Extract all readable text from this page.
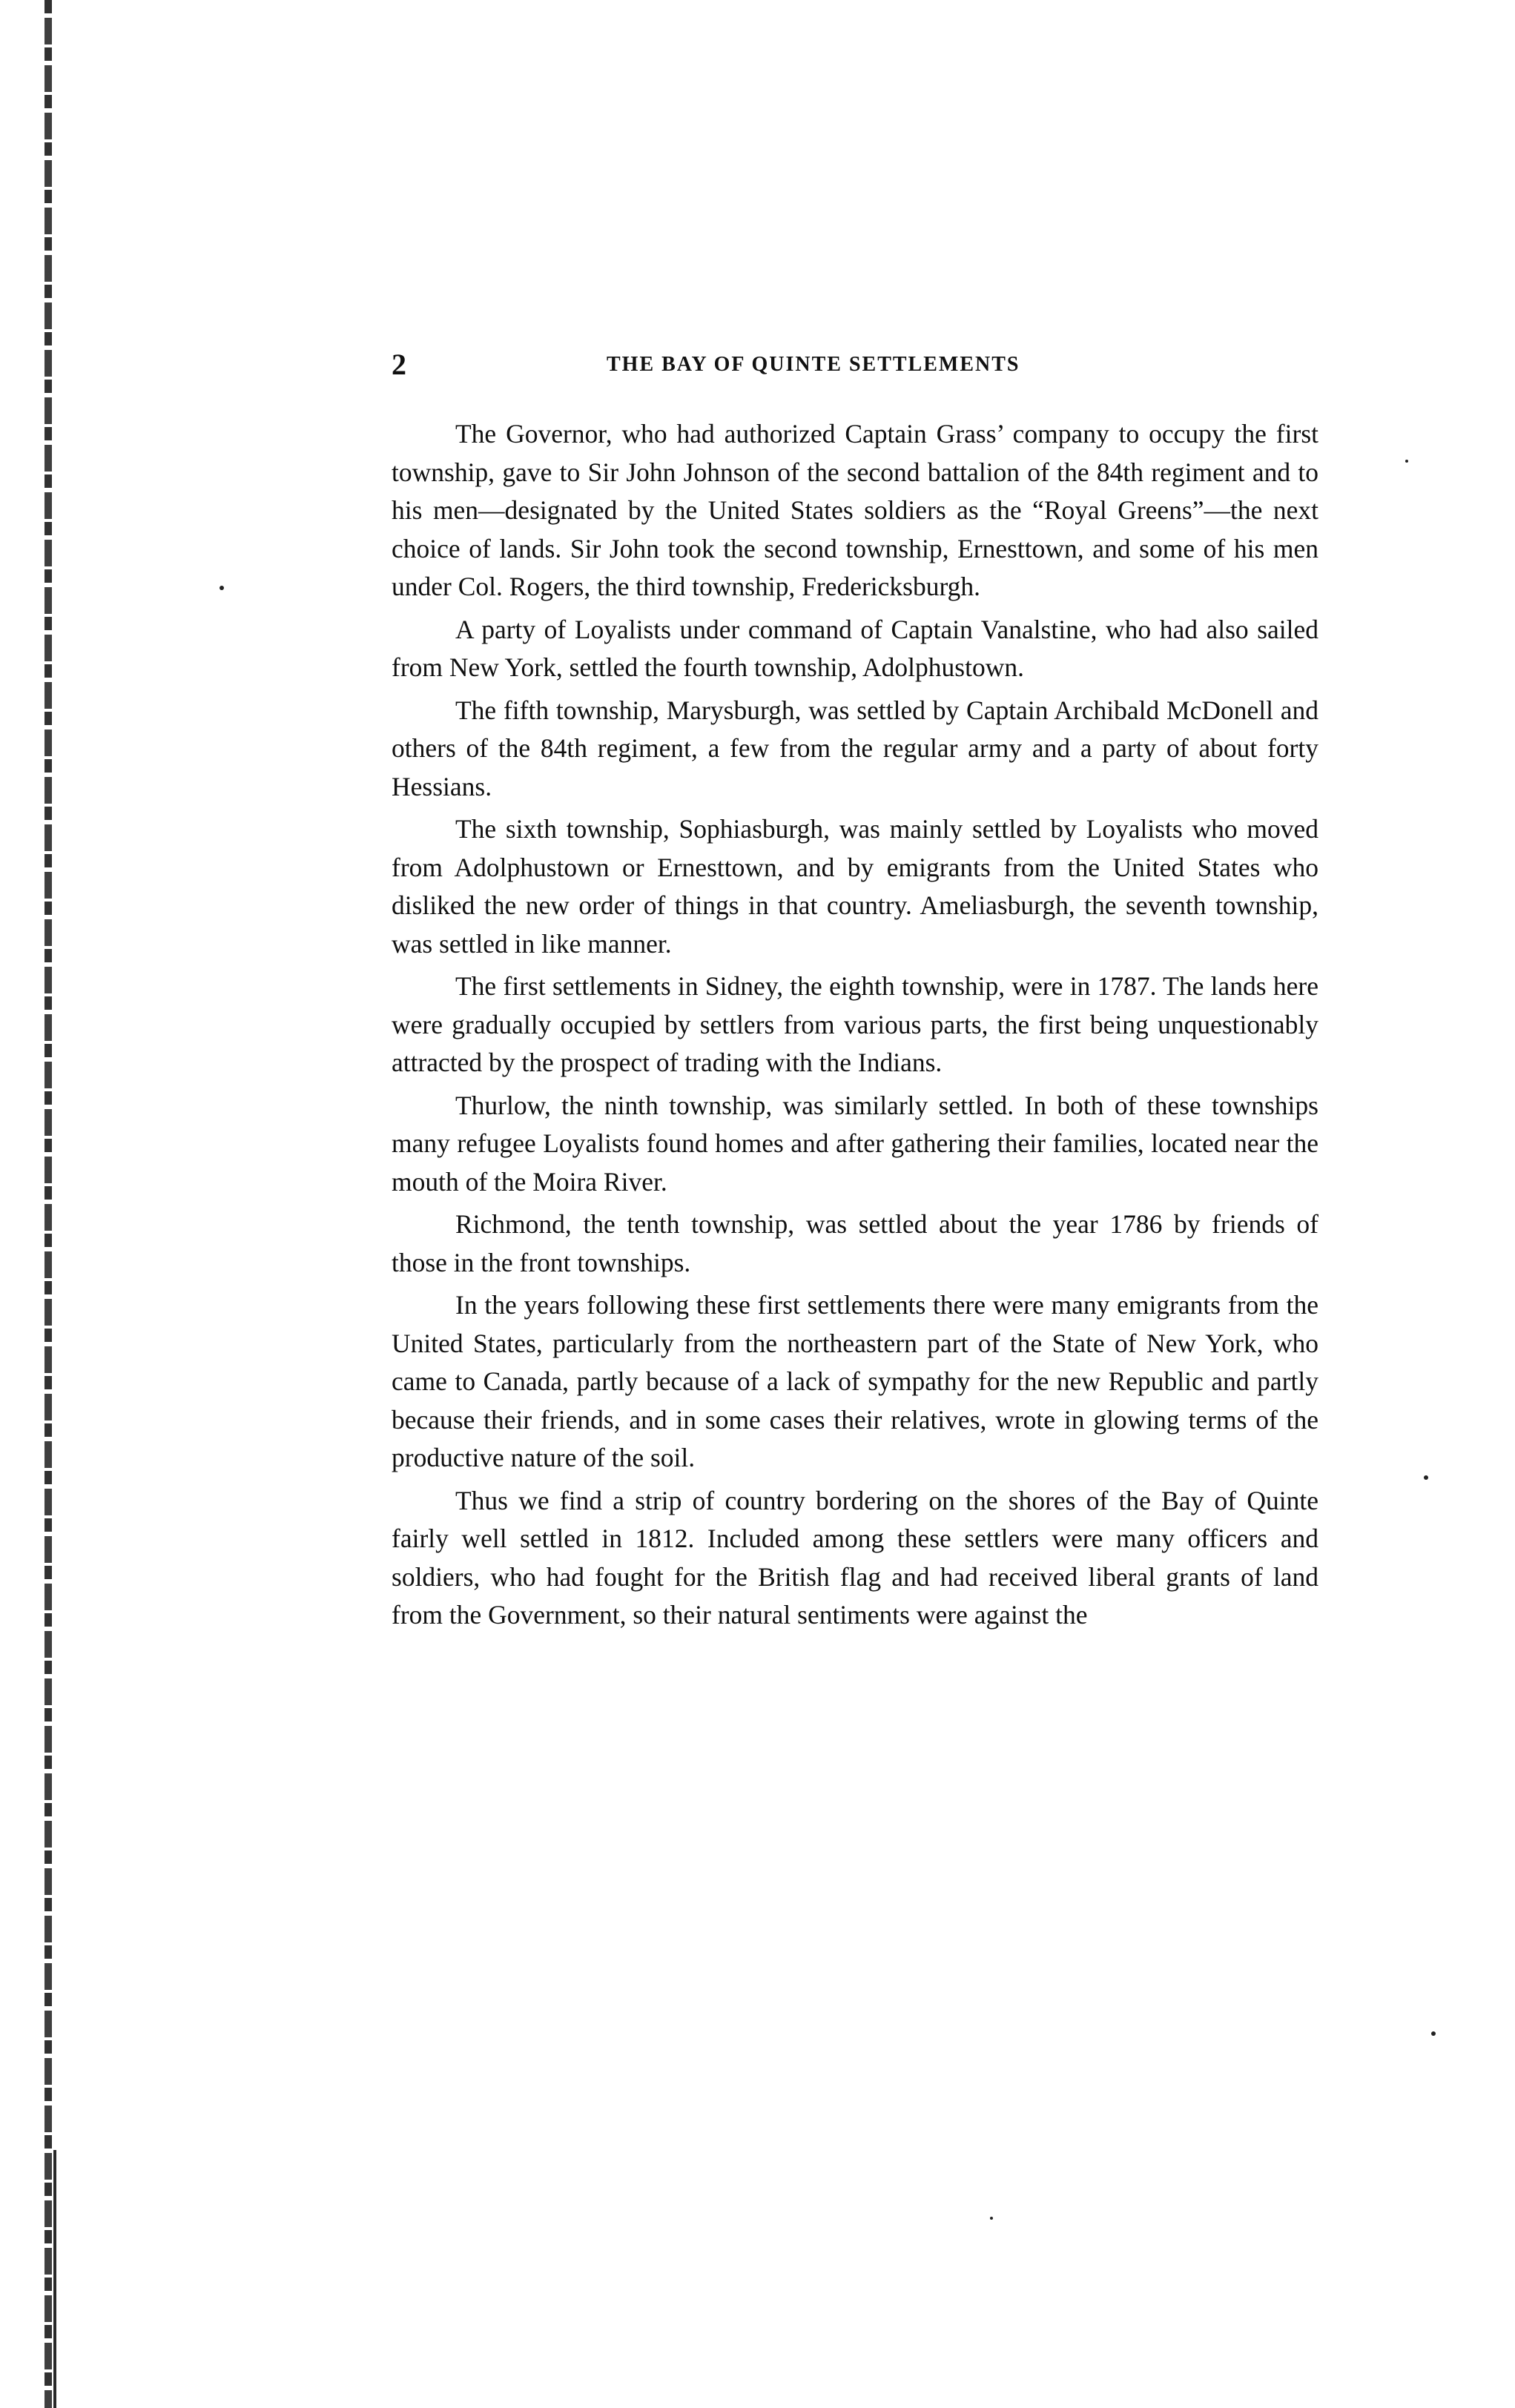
2	THE BAY OF QUINTE SETTLEMENTS

The Governor, who had authorized Captain Grass’ company to occupy the first township, gave to Sir John Johnson of the second battalion of the 84th regiment and to his men—designated by the United States soldiers as the “Royal Greens”—the next choice of lands. Sir John took the second township, Ernesttown, and some of his men under Col. Rogers, the third township, Fredericksburgh.

A party of Loyalists under command of Captain Vanalstine, who had also sailed from New York, settled the fourth township, Adolphustown.

The fifth township, Marysburgh, was settled by Captain Archibald McDonell and others of the 84th regiment, a few from the regular army and a party of about forty Hessians.

The sixth township, Sophiasburgh, was mainly settled by Loyalists who moved from Adolphustown or Ernesttown, and by emigrants from the United States who disliked the new order of things in that country. Ameliasburgh, the seventh township, was settled in like manner.

The first settlements in Sidney, the eighth township, were in 1787. The lands here were gradually occupied by settlers from various parts, the first being unquestionably attracted by the prospect of trading with the Indians.

Thurlow, the ninth township, was similarly settled. In both of these townships many refugee Loyalists found homes and after gathering their families, located near the mouth of the Moira River.

Richmond, the tenth township, was settled about the year 1786 by friends of those in the front townships.

In the years following these first settlements there were many emigrants from the United States, particularly from the northeastern part of the State of New York, who came to Canada, partly because of a lack of sympathy for the new Republic and partly because their friends, and in some cases their relatives, wrote in glowing terms of the productive nature of the soil.

Thus we find a strip of country bordering on the shores of the Bay of Quinte fairly well settled in 1812. Included among these settlers were many officers and soldiers, who had fought for the British flag and had received liberal grants of land from the Government, so their natural sentiments were against the
